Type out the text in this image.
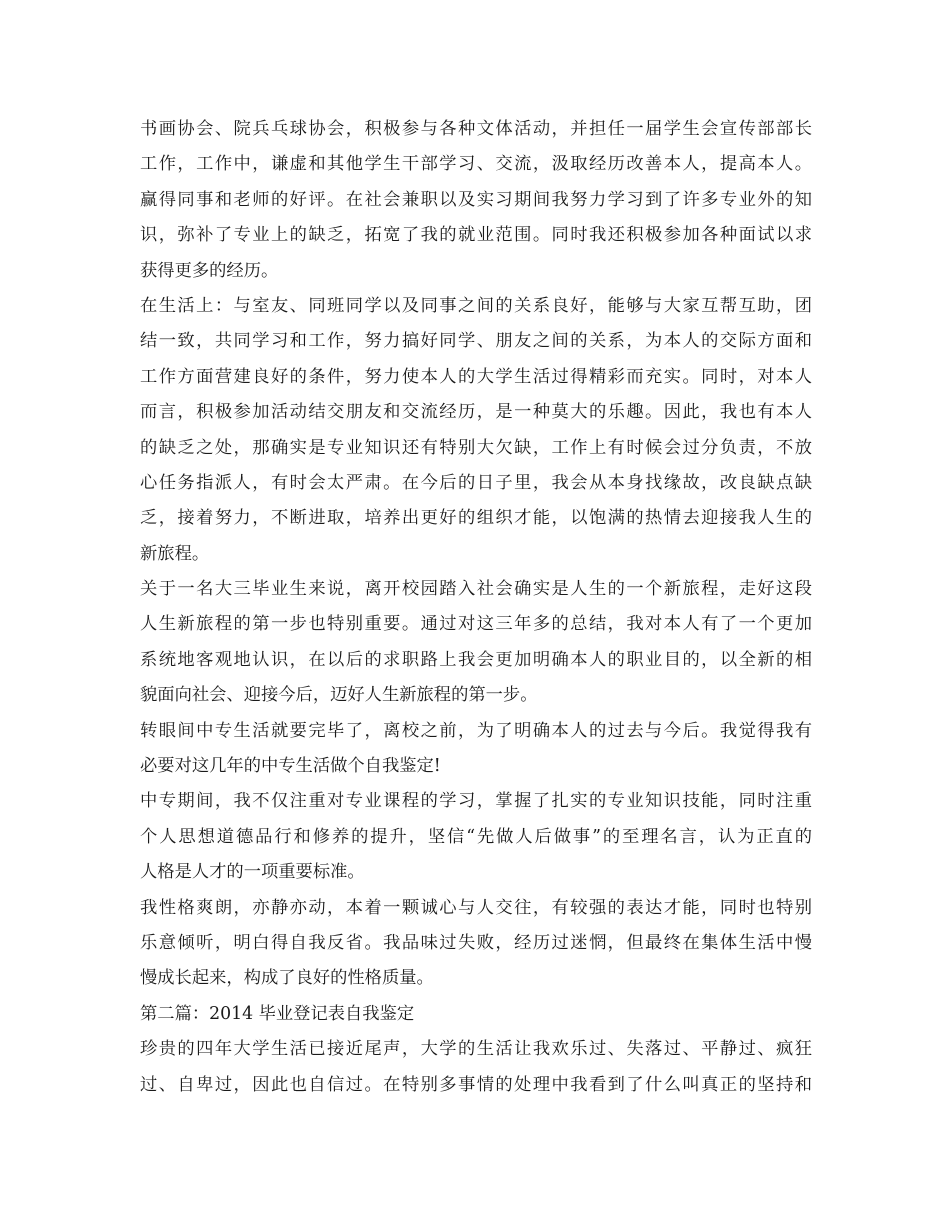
书画协会、院兵乓球协会，积极参与各种文体活动，并担任一届学生会宣传部部长
工作，工作中，谦虚和其他学生干部学习、交流，汲取经历改善本人，提高本人。
赢得同事和老师的好评。在社会兼职以及实习期间我努力学习到了许多专业外的知
识，弥补了专业上的缺乏，拓宽了我的就业范围。同时我还积极参加各种面试以求
获得更多的经历。
在生活上：与室友、同班同学以及同事之间的关系良好，能够与大家互帮互助，团
结一致，共同学习和工作，努力搞好同学、朋友之间的关系，为本人的交际方面和
工作方面营建良好的条件，努力使本人的大学生活过得精彩而充实。同时，对本人
而言，积极参加活动结交朋友和交流经历，是一种莫大的乐趣。因此，我也有本人
的缺乏之处，那确实是专业知识还有特别大欠缺，工作上有时候会过分负责，不放
心任务指派人，有时会太严肃。在今后的日子里，我会从本身找缘故，改良缺点缺
乏，接着努力，不断进取，培养出更好的组织才能，以饱满的热情去迎接我人生的
新旅程。
关于一名大三毕业生来说，离开校园踏入社会确实是人生的一个新旅程，走好这段
人生新旅程的第一步也特别重要。通过对这三年多的总结，我对本人有了一个更加
系统地客观地认识，在以后的求职路上我会更加明确本人的职业目的，以全新的相
貌面向社会、迎接今后，迈好人生新旅程的第一步。
转眼间中专生活就要完毕了，离校之前，为了明确本人的过去与今后。我觉得我有
必要对这几年的中专生活做个自我鉴定!
中专期间，我不仅注重对专业课程的学习，掌握了扎实的专业知识技能，同时注重
个人思想道德品行和修养的提升，坚信“先做人后做事”的至理名言，认为正直的
人格是人才的一项重要标准。
我性格爽朗，亦静亦动，本着一颗诚心与人交往，有较强的表达才能，同时也特别
乐意倾听，明白得自我反省。我品味过失败，经历过迷惘，但最终在集体生活中慢
慢成长起来，构成了良好的性格质量。
第二篇：2014 毕业登记表自我鉴定
珍贵的四年大学生活已接近尾声，大学的生活让我欢乐过、失落过、平静过、疯狂
过、自卑过，因此也自信过。在特别多事情的处理中我看到了什么叫真正的坚持和
